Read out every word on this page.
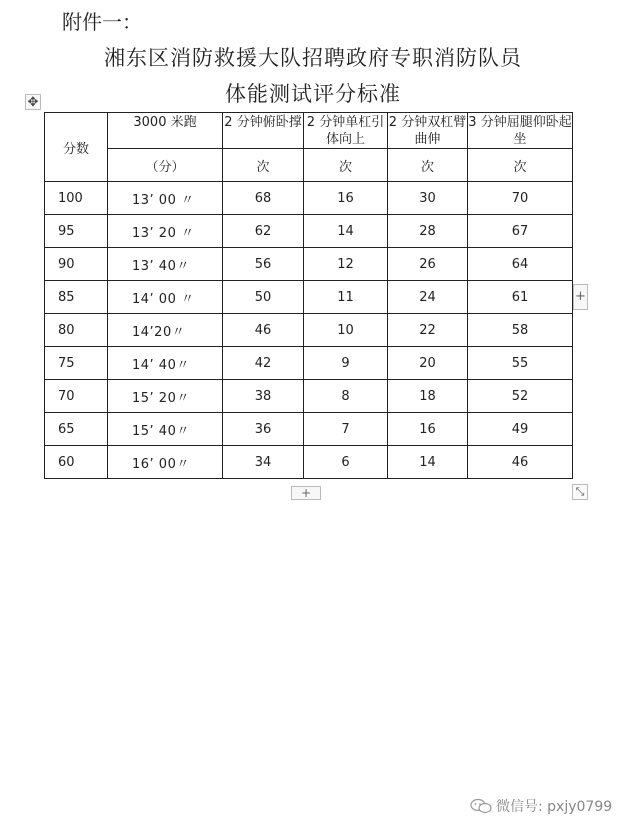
附件一：
湘东区消防救援大队招聘政府专职消防队员
体能测试评分标准
✥
分数	3000 米跑	2 分钟俯卧撑	2 分钟单杠引体向上	2 分钟双杠臂曲伸	3 分钟屈腿仰卧起坐
	（分）	次	次	次	次
100	13’ 00 〃	68	16	30	70
95	13’ 20 〃	62	14	28	67
90	13’ 40〃	56	12	26	64
85	14’ 00 〃	50	11	24	61
80	14’20〃	46	10	22	58
75	14’ 40〃	42	9	20	55
70	15’ 20〃	38	8	18	52
65	15’ 40〃	36	7	16	49
60	16’ 00〃	34	6	14	46
+
+	⤡
微信号: pxjy0799
